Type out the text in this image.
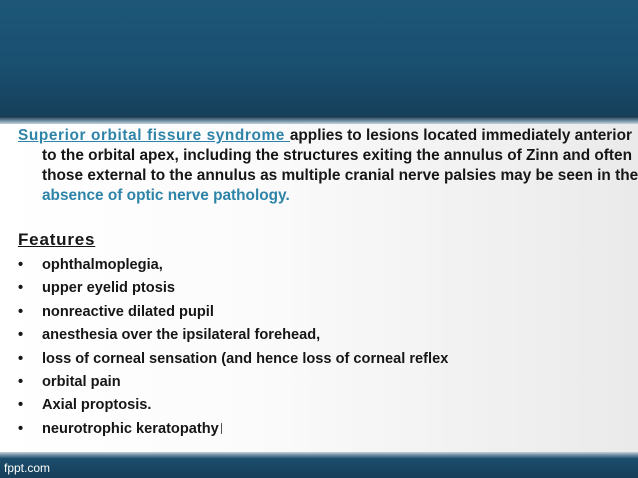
Superior orbital fissure syndrome applies to lesions located immediately anterior to the orbital apex, including the structures exiting the annulus of Zinn and often those external to the annulus as multiple cranial nerve palsies may be seen in the absence of optic nerve pathology.
Features
•	ophthalmoplegia,
•	upper eyelid ptosis
•	nonreactive dilated pupil
•	anesthesia over the ipsilateral forehead,
•	loss of corneal sensation (and hence loss of corneal reflex
•	orbital pain
•	Axial proptosis.
•	neurotrophic keratopathy
fppt.com
